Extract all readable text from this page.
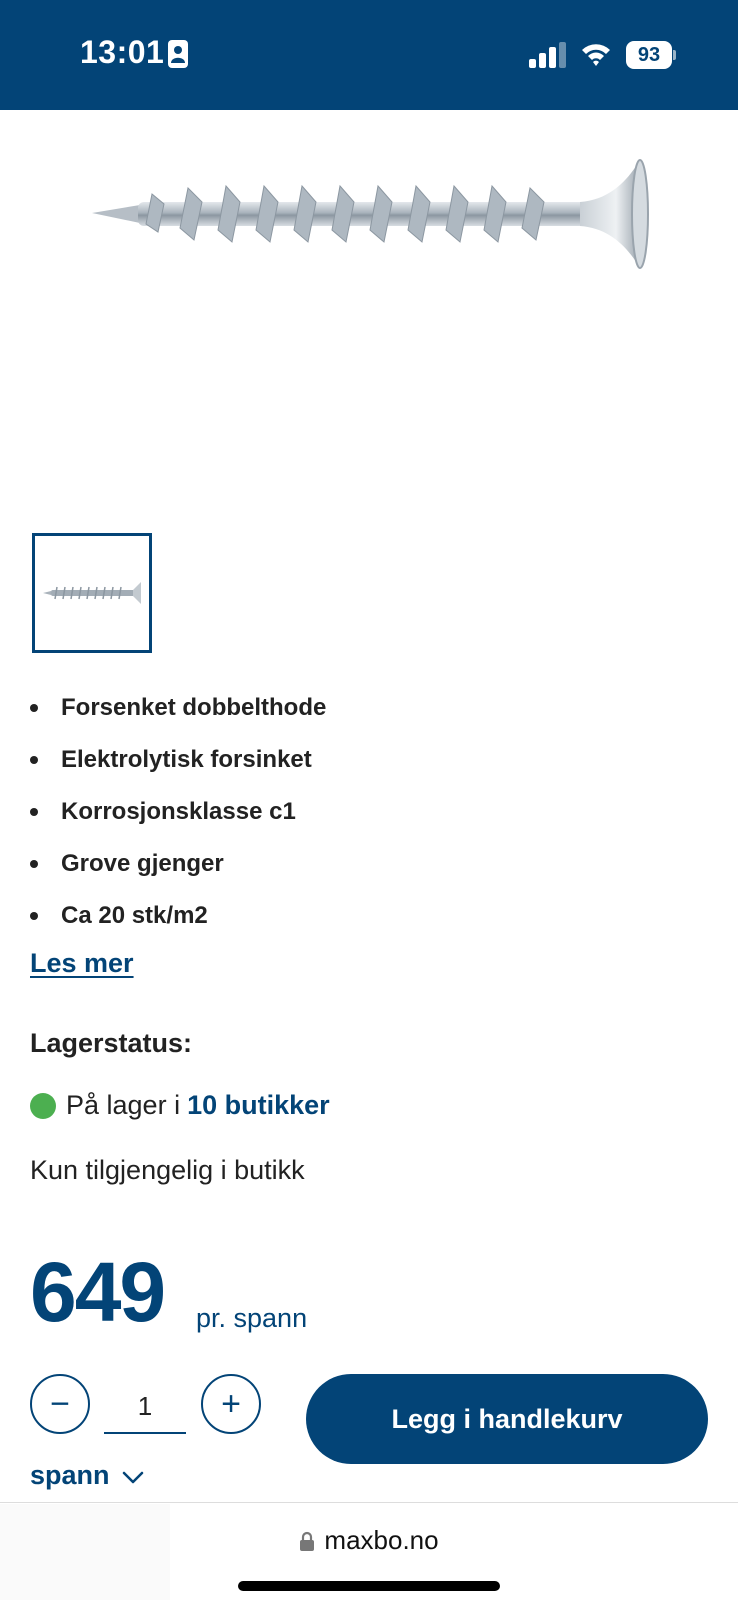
13:01	93
Forsenket dobbelthode
Elektrolytisk forsinket
Korrosjonsklasse c1
Grove gjenger
Ca 20 stk/m2
Les mer
Lagerstatus:
På lager i 10 butikker
Kun tilgjengelig i butikk
649 pr. spann
−
1	+	Legg i handlekurv
spann
maxbo.no
